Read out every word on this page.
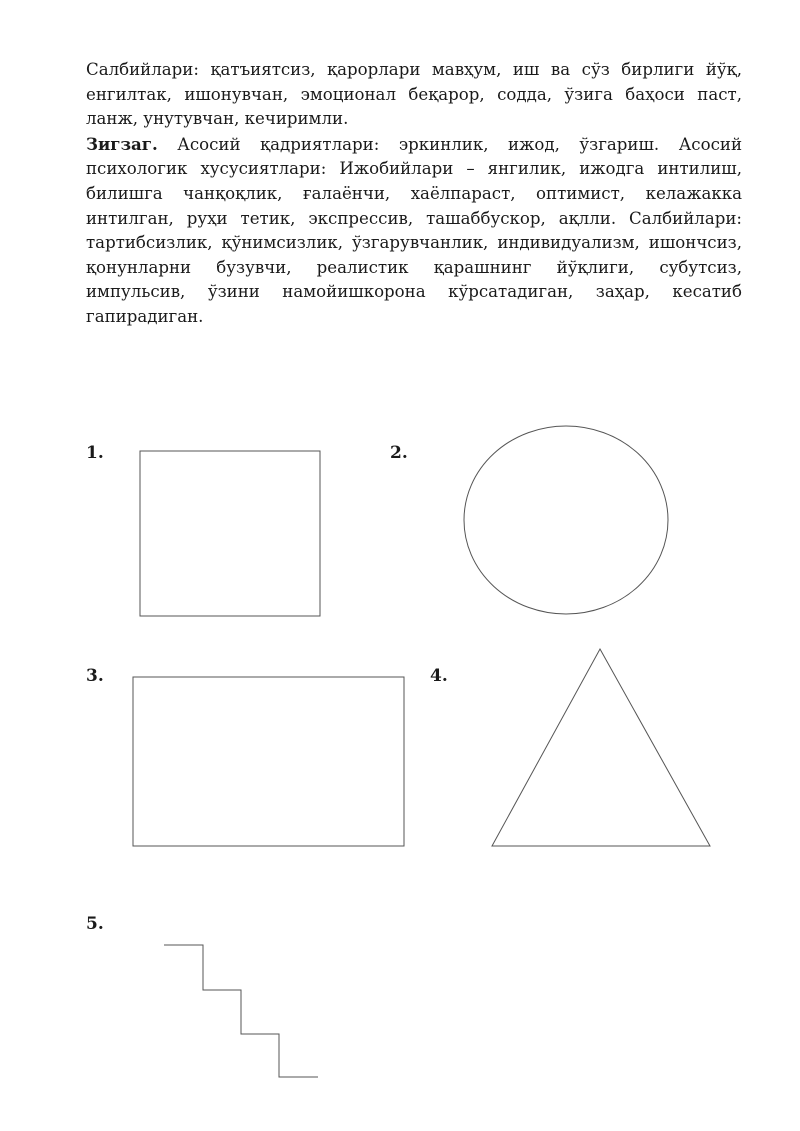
Салбийлари: қатъиятсиз, қарорлари мавҳум, иш ва сўз бирлиги йўқ, енгилтак, ишонувчан, эмоционал беқарор, содда, ўзига баҳоси паст, ланж, унутувчан, кечиримли.

Зигзаг. Асосий қадриятлари: эркинлик, ижод, ўзгариш. Асосий психологик хусусиятлари: Ижобийлари – янгилик, ижодга интилиш, билишга чанқоқлик, ғалаёнчи, хаёлпараст, оптимист, келажакка интилган, руҳи тетик, экспрессив, ташаббускор, ақлли. Салбийлари: тартибсизлик, қўнимсизлик, ўзгарувчанлик, индивидуализм, ишончсиз, қонунларни бузувчи, реалистик қарашнинг йўқлиги, субутсиз, импульсив, ўзини намойишкорона кўрсатадиган, заҳар, кесатиб гапирадиган.

1.	2.
3.	4.
5.
